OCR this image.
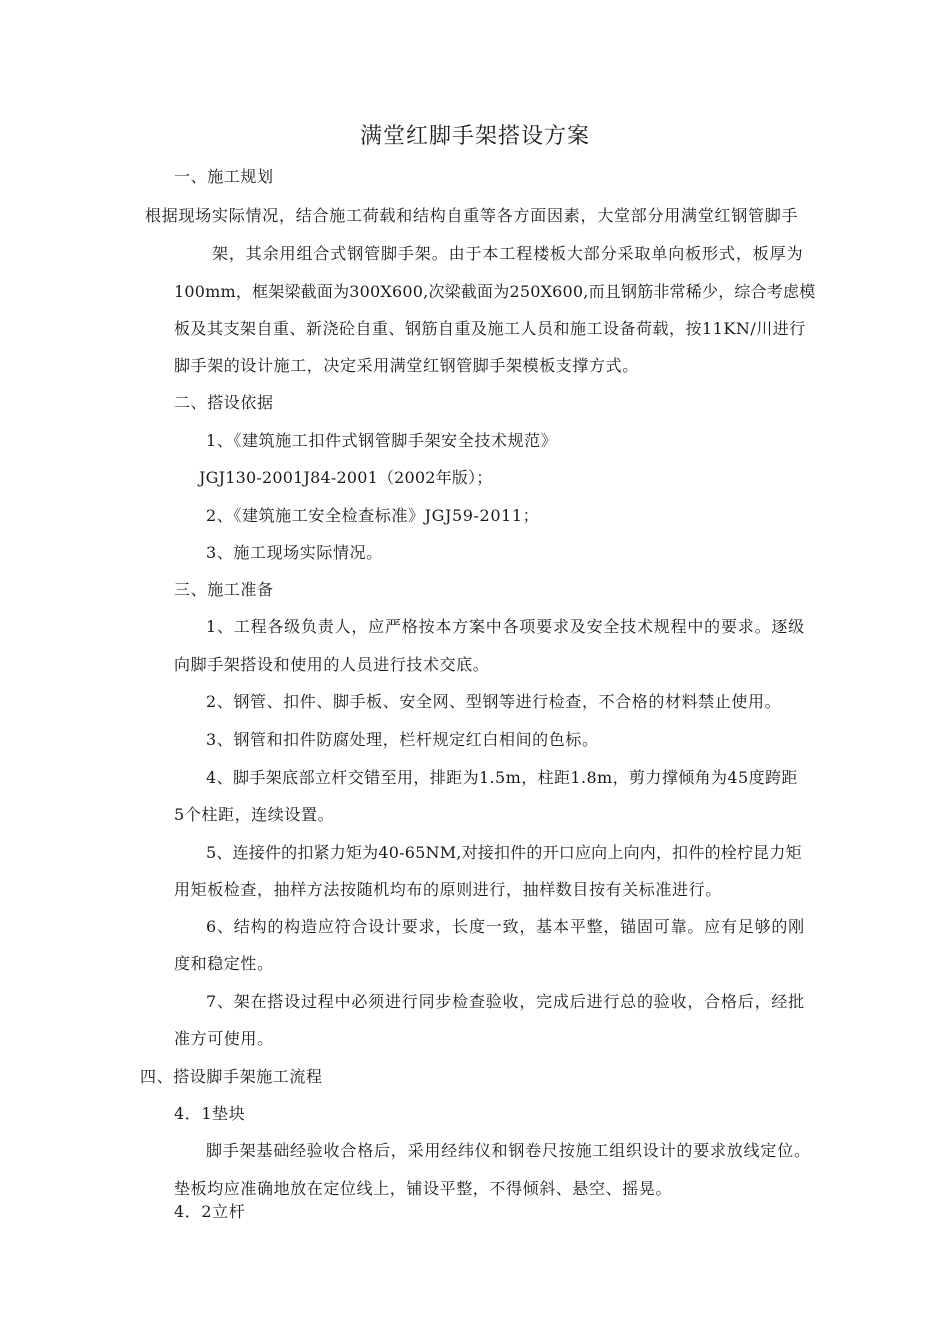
满堂红脚手架搭设方案
一、施工规划
根据现场实际情况，结合施工荷载和结构自重等各方面因素，大堂部分用满堂红钢管脚手
架，其余用组合式钢管脚手架。由于本工程楼板大部分采取单向板形式，板厚为
100mm，框架梁截面为300X600,次梁截面为250X600,而且钢筋非常稀少，综合考虑模
板及其支架自重、新浇砼自重、钢筋自重及施工人员和施工设备荷载，按11KN/川进行
脚手架的设计施工，决定采用满堂红钢管脚手架模板支撑方式。
二、搭设依据
1、《建筑施工扣件式钢管脚手架安全技术规范》
JGJ130-2001J84-2001（2002年版）；
2、《建筑施工安全检查标准》JGJ59-2011；
3、施工现场实际情况。
三、施工准备
1、工程各级负责人，应严格按本方案中各项要求及安全技术规程中的要求。逐级
向脚手架搭设和使用的人员进行技术交底。
2、钢管、扣件、脚手板、安全网、型钢等进行检查，不合格的材料禁止使用。
3、钢管和扣件防腐处理，栏杆规定红白相间的色标。
4、脚手架底部立杆交错至用，排距为1.5m，柱距1.8m，剪力撑倾角为45度跨距
5个柱距，连续设置。
5、连接件的扣紧力矩为40-65NM,对接扣件的开口应向上向内，扣件的栓柠昆力矩
用矩板检查，抽样方法按随机均布的原则进行，抽样数目按有关标准进行。
6、结构的构造应符合设计要求，长度一致，基本平整，锚固可靠。应有足够的刚
度和稳定性。
7、架在搭设过程中必须进行同步检查验收，完成后进行总的验收，合格后，经批
准方可使用。
四、搭设脚手架施工流程
4．1垫块
脚手架基础经验收合格后，采用经纬仪和钢卷尺按施工组织设计的要求放线定位。
垫板均应准确地放在定位线上，铺设平整，不得倾斜、悬空、摇晃。
4．2立杆
